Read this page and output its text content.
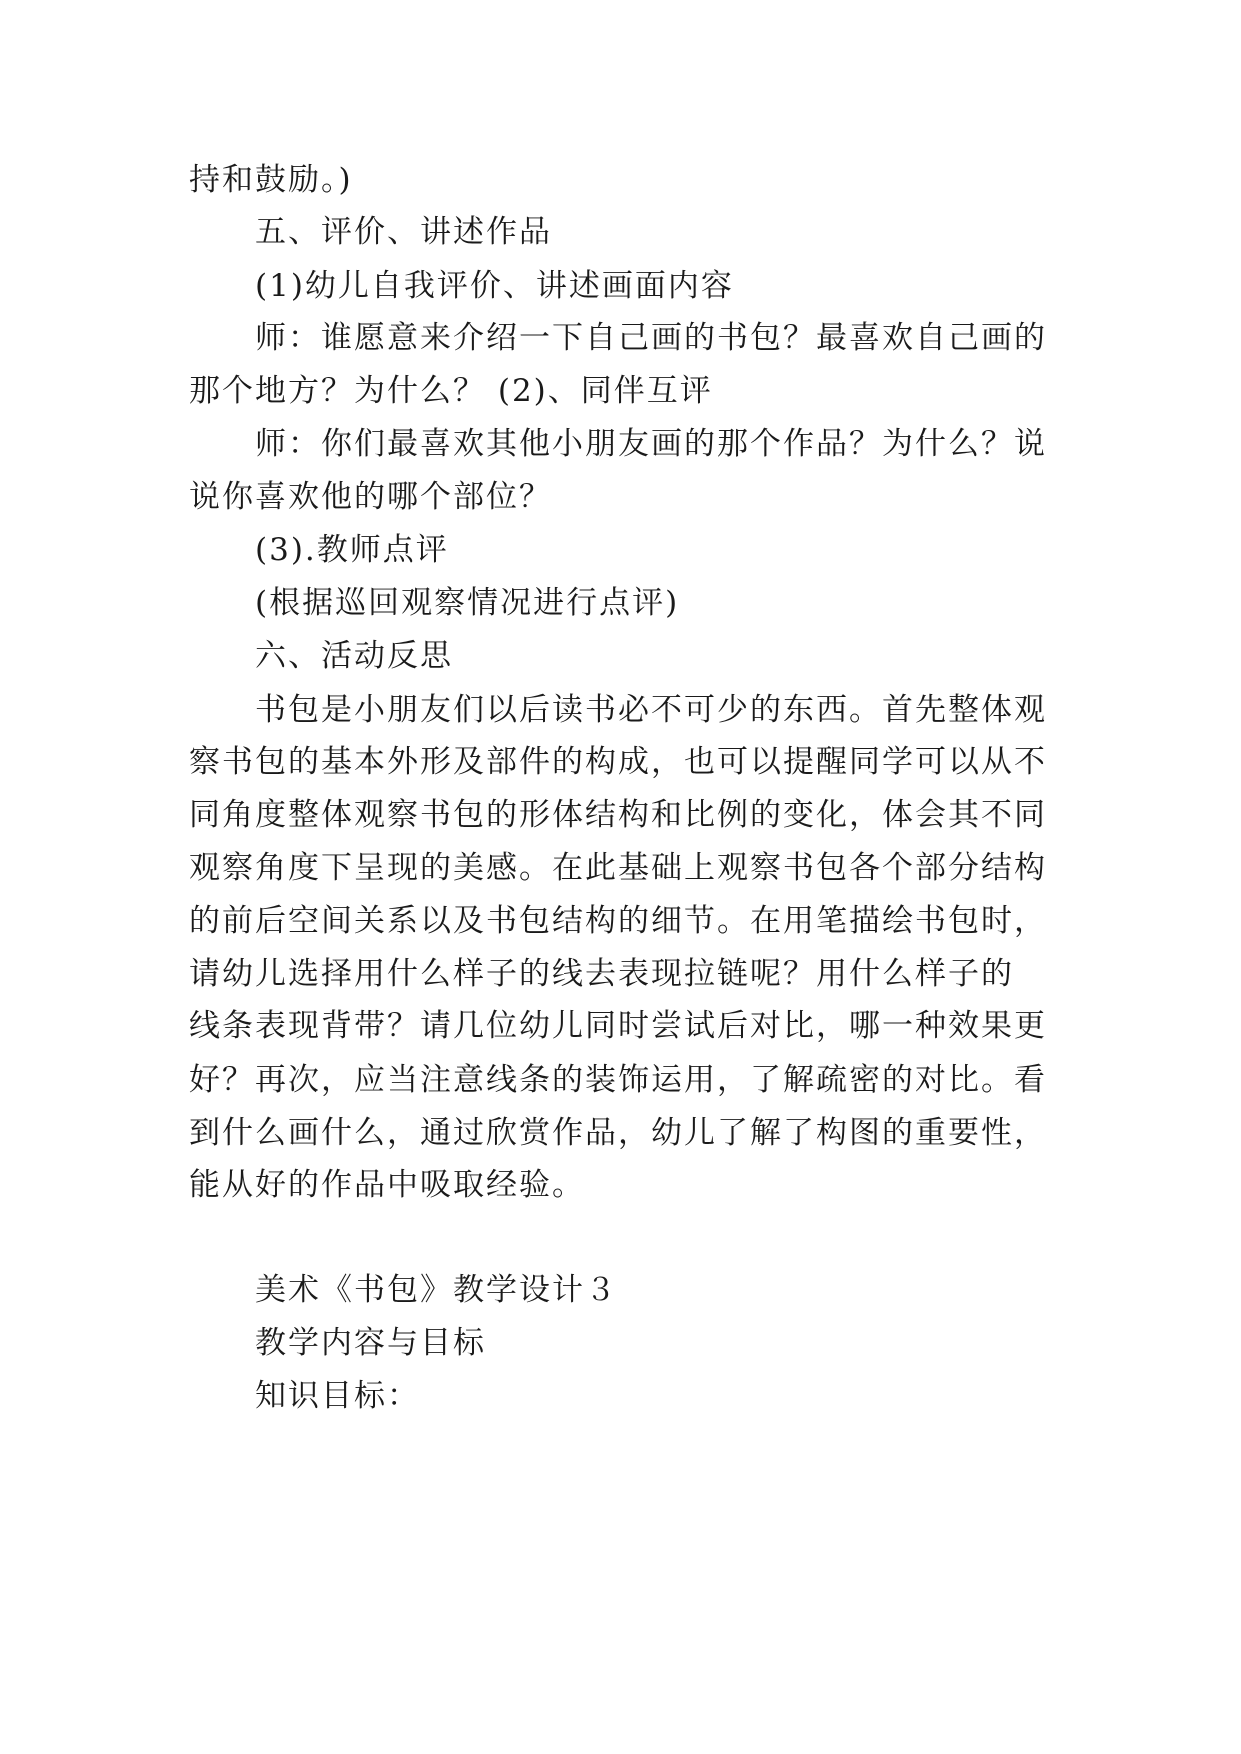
持和鼓励。)
五、评价、讲述作品
(1)幼儿自我评价、讲述画面内容
师：谁愿意来介绍一下自己画的书包？最喜欢自己画的
那个地方？为什么？ (2)、同伴互评
师：你们最喜欢其他小朋友画的那个作品？为什么？说
说你喜欢他的哪个部位？
(3).教师点评
(根据巡回观察情况进行点评)
六、活动反思
书包是小朋友们以后读书必不可少的东西。首先整体观
察书包的基本外形及部件的构成，也可以提醒同学可以从不
同角度整体观察书包的形体结构和比例的变化，体会其不同
观察角度下呈现的美感。在此基础上观察书包各个部分结构
的前后空间关系以及书包结构的细节。在用笔描绘书包时，
请幼儿选择用什么样子的线去表现拉链呢？用什么样子的
线条表现背带？请几位幼儿同时尝试后对比，哪一种效果更
好？再次，应当注意线条的装饰运用，了解疏密的对比。看
到什么画什么，通过欣赏作品，幼儿了解了构图的重要性，
能从好的作品中吸取经验。
美术《书包》教学设计３
教学内容与目标
知识目标：
